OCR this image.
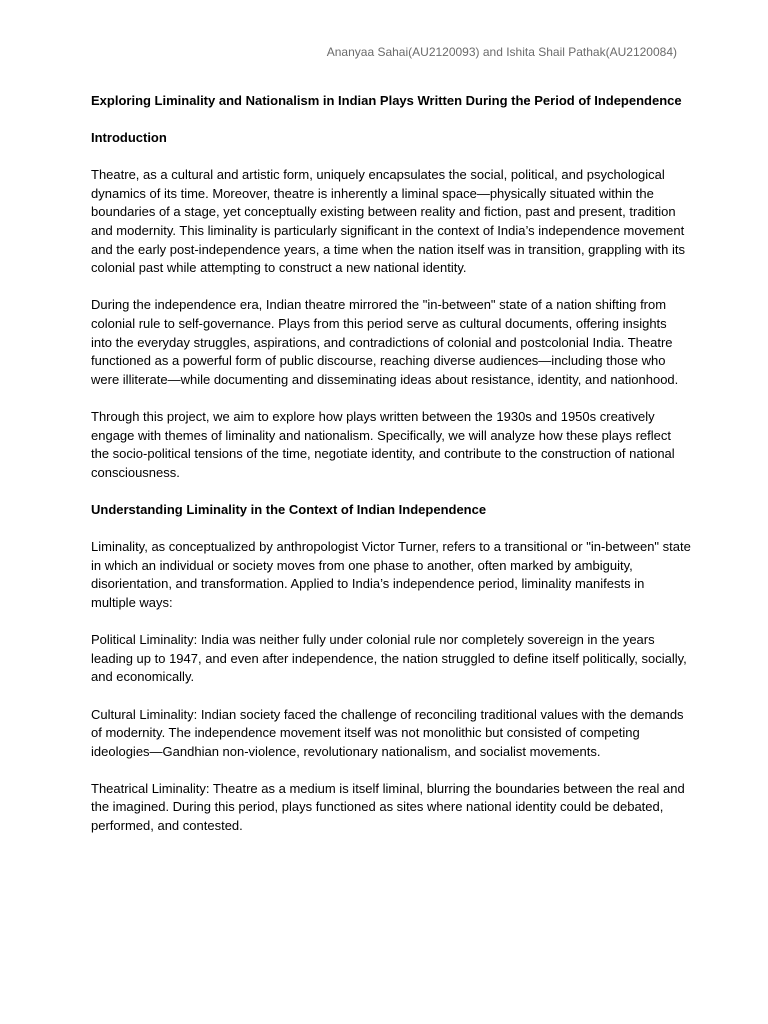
Ananyaa Sahai(AU2120093) and Ishita Shail Pathak(AU2120084)
Exploring Liminality and Nationalism in Indian Plays Written During the Period of Independence
Introduction

Theatre, as a cultural and artistic form, uniquely encapsulates the social, political, and psychological dynamics of its time. Moreover, theatre is inherently a liminal space—physically situated within the boundaries of a stage, yet conceptually existing between reality and fiction, past and present, tradition and modernity. This liminality is particularly significant in the context of India’s independence movement and the early post-independence years, a time when the nation itself was in transition, grappling with its colonial past while attempting to construct a new national identity.

During the independence era, Indian theatre mirrored the "in-between" state of a nation shifting from colonial rule to self-governance. Plays from this period serve as cultural documents, offering insights into the everyday struggles, aspirations, and contradictions of colonial and postcolonial India. Theatre functioned as a powerful form of public discourse, reaching diverse audiences—including those who were illiterate—while documenting and disseminating ideas about resistance, identity, and nationhood.

Through this project, we aim to explore how plays written between the 1930s and 1950s creatively engage with themes of liminality and nationalism. Specifically, we will analyze how these plays reflect the socio-political tensions of the time, negotiate identity, and contribute to the construction of national consciousness.

Understanding Liminality in the Context of Indian Independence

Liminality, as conceptualized by anthropologist Victor Turner, refers to a transitional or "in-between" state in which an individual or society moves from one phase to another, often marked by ambiguity, disorientation, and transformation. Applied to India’s independence period, liminality manifests in multiple ways:

Political Liminality: India was neither fully under colonial rule nor completely sovereign in the years leading up to 1947, and even after independence, the nation struggled to define itself politically, socially, and economically.

Cultural Liminality: Indian society faced the challenge of reconciling traditional values with the demands of modernity. The independence movement itself was not monolithic but consisted of competing ideologies—Gandhian non-violence, revolutionary nationalism, and socialist movements.

Theatrical Liminality: Theatre as a medium is itself liminal, blurring the boundaries between the real and the imagined. During this period, plays functioned as sites where national identity could be debated, performed, and contested.
